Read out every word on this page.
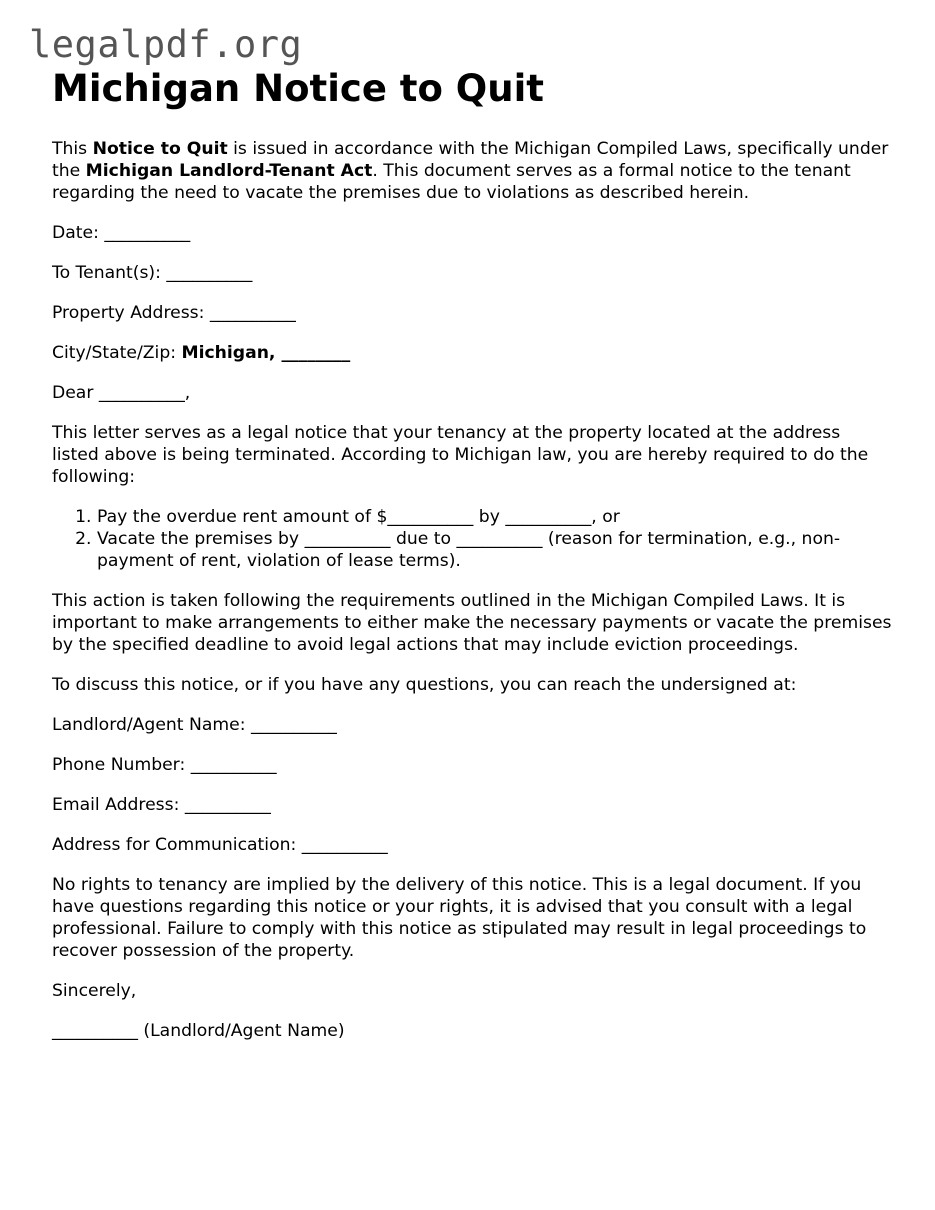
legalpdf.org
Michigan Notice to Quit

This Notice to Quit is issued in accordance with the Michigan Compiled Laws, specifically under the Michigan Landlord-Tenant Act. This document serves as a formal notice to the tenant regarding the need to vacate the premises due to violations as described herein.

Date: __________

To Tenant(s): __________

Property Address: __________

City/State/Zip: Michigan, ________

Dear __________,

This letter serves as a legal notice that your tenancy at the property located at the address listed above is being terminated. According to Michigan law, you are hereby required to do the following:

1. Pay the overdue rent amount of $__________ by __________, or
2. Vacate the premises by __________ due to __________ (reason for termination, e.g., non-payment of rent, violation of lease terms).

This action is taken following the requirements outlined in the Michigan Compiled Laws. It is important to make arrangements to either make the necessary payments or vacate the premises by the specified deadline to avoid legal actions that may include eviction proceedings.

To discuss this notice, or if you have any questions, you can reach the undersigned at:

Landlord/Agent Name: __________

Phone Number: __________

Email Address: __________

Address for Communication: __________

No rights to tenancy are implied by the delivery of this notice. This is a legal document. If you have questions regarding this notice or your rights, it is advised that you consult with a legal professional. Failure to comply with this notice as stipulated may result in legal proceedings to recover possession of the property.

Sincerely,

__________ (Landlord/Agent Name)
